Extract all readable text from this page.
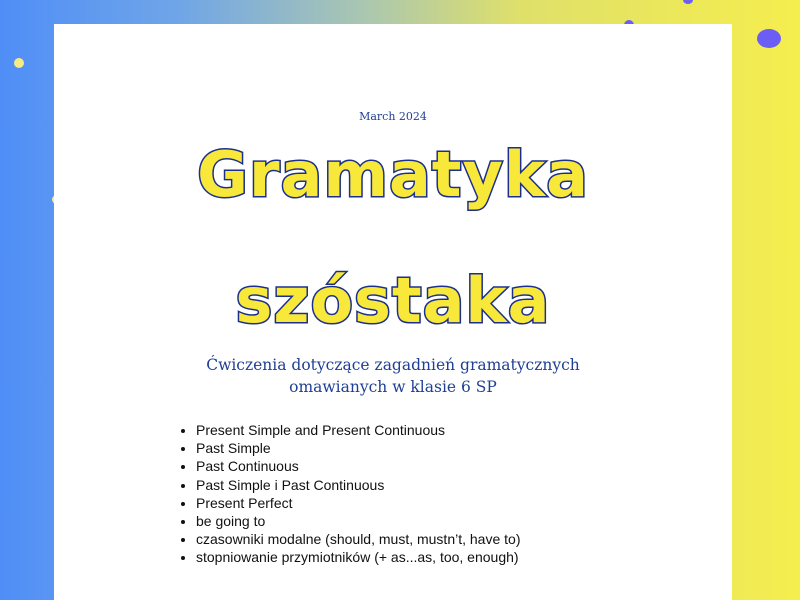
March 2024
Gramatyka
szóstaka
Ćwiczenia dotyczące zagadnień gramatycznych
omawianych w klasie 6 SP
• Present Simple and Present Continuous
• Past Simple
• Past Continuous
• Past Simple i Past Continuous
• Present Perfect
• be going to
• czasowniki modalne (should, must, mustn’t, have to)
• stopniowanie przymiotników (+ as...as, too, enough)
